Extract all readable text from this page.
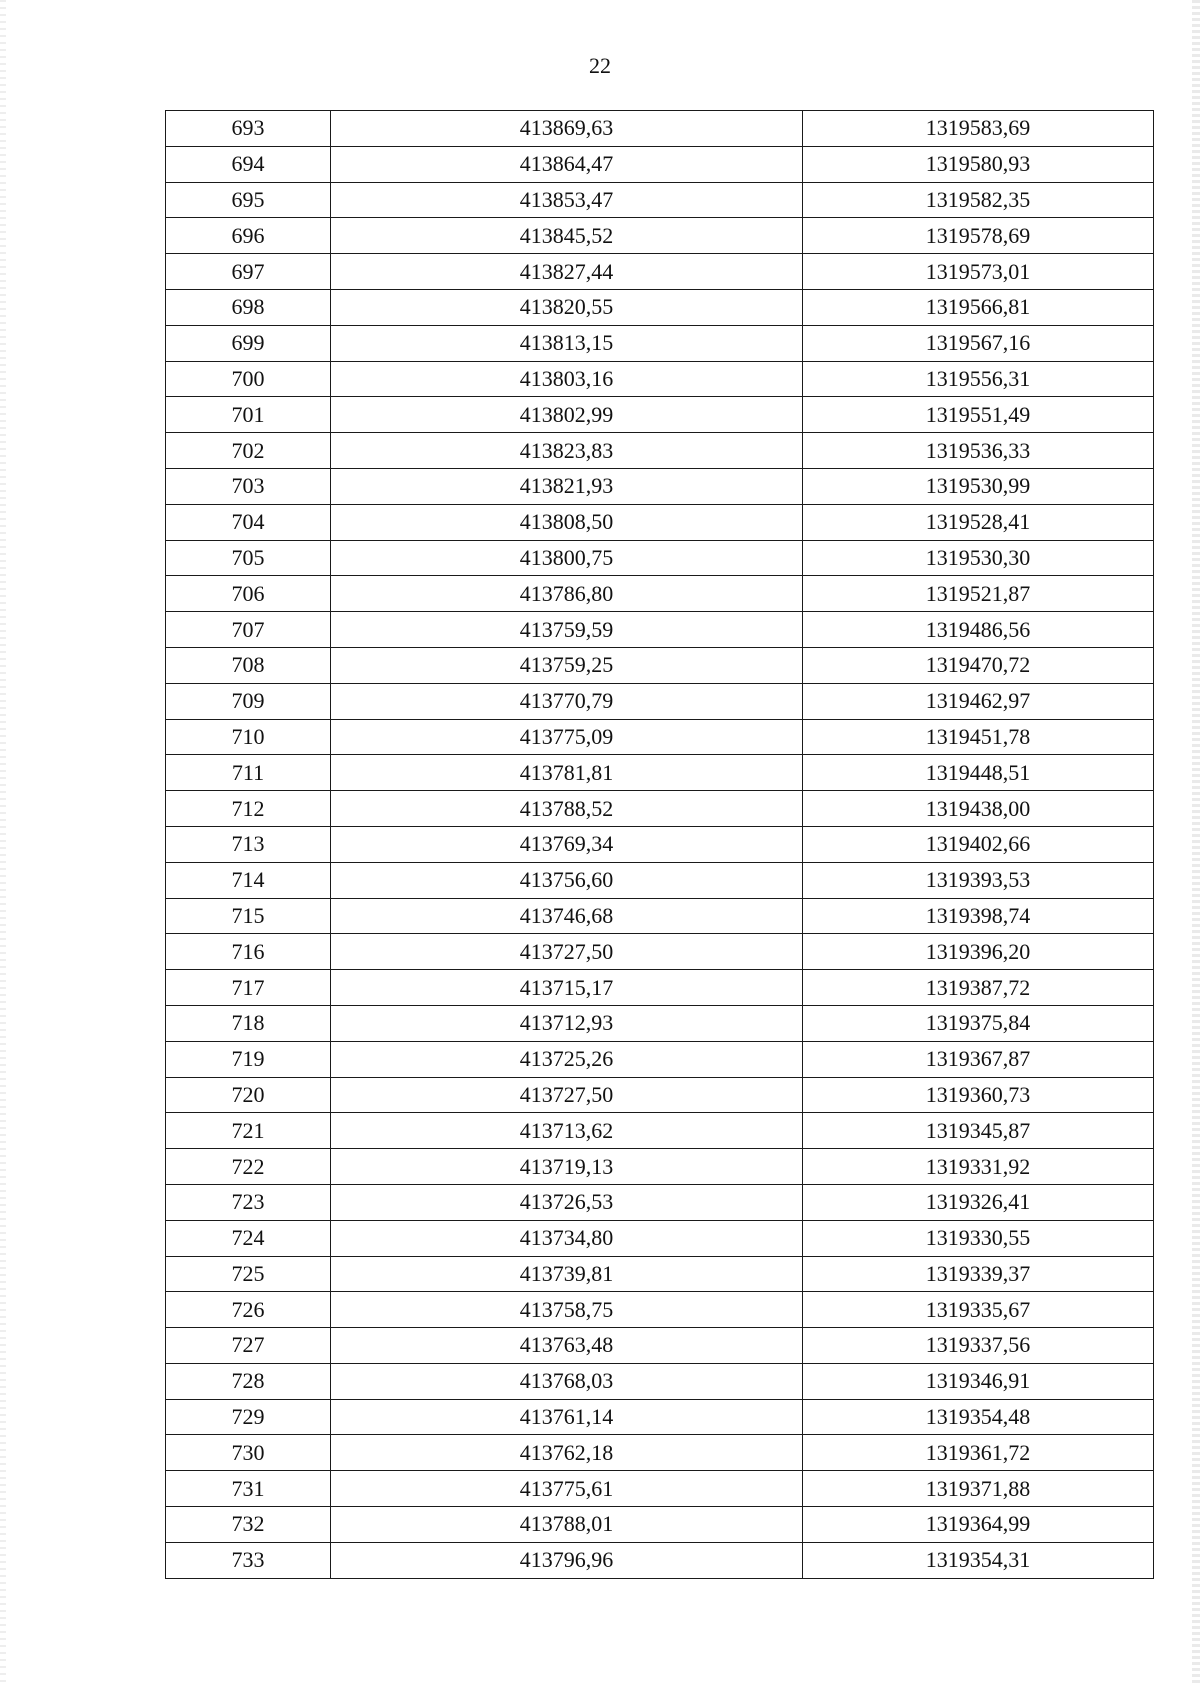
22
693	413869,63	1319583,69
694	413864,47	1319580,93
695	413853,47	1319582,35
696	413845,52	1319578,69
697	413827,44	1319573,01
698	413820,55	1319566,81
699	413813,15	1319567,16
700	413803,16	1319556,31
701	413802,99	1319551,49
702	413823,83	1319536,33
703	413821,93	1319530,99
704	413808,50	1319528,41
705	413800,75	1319530,30
706	413786,80	1319521,87
707	413759,59	1319486,56
708	413759,25	1319470,72
709	413770,79	1319462,97
710	413775,09	1319451,78
711	413781,81	1319448,51
712	413788,52	1319438,00
713	413769,34	1319402,66
714	413756,60	1319393,53
715	413746,68	1319398,74
716	413727,50	1319396,20
717	413715,17	1319387,72
718	413712,93	1319375,84
719	413725,26	1319367,87
720	413727,50	1319360,73
721	413713,62	1319345,87
722	413719,13	1319331,92
723	413726,53	1319326,41
724	413734,80	1319330,55
725	413739,81	1319339,37
726	413758,75	1319335,67
727	413763,48	1319337,56
728	413768,03	1319346,91
729	413761,14	1319354,48
730	413762,18	1319361,72
731	413775,61	1319371,88
732	413788,01	1319364,99
733	413796,96	1319354,31
